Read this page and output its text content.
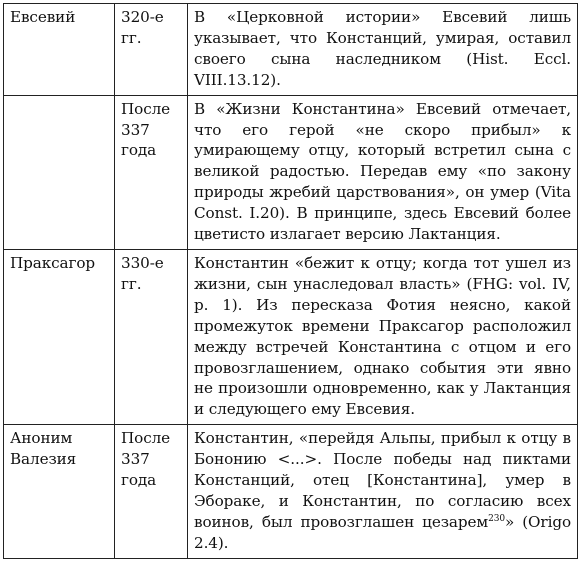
Евсевий	320-е гг.	В «Церковной истории» Евсевий лишь указывает, что Констанций, умирая, оставил своего сына наследником (Hist. Eccl. VIII.13.12).
	После 337 года	В «Жизни Константина» Евсевий отмечает, что его герой «не скоро прибыл» к умирающему отцу, который встретил сына с великой радостью. Передав ему «по закону природы жребий царствования», он умер (Vita Const. I.20). В принципе, здесь Евсевий более цветисто излагает версию Лактанция.
Праксагор	330-е гг.	Константин «бежит к отцу; когда тот ушел из жизни, сын унаследовал власть» (FHG: vol. IV, p. 1). Из пересказа Фотия неясно, какой промежуток времени Праксагор расположил между встречей Константина с отцом и его провозглашением, однако события эти явно не произошли одновременно, как у Лактанция и следующего ему Евсевия.
Аноним Валезия	После 337 года	Константин, «перейдя Альпы, прибыл к отцу в Бононию <...>. После победы над пиктами Констанций, отец [Константина], умер в Эборакe, и Константин, по согласию всех воинов, был провозглашен цезарем$^{230}$» (Origo 2.4).
